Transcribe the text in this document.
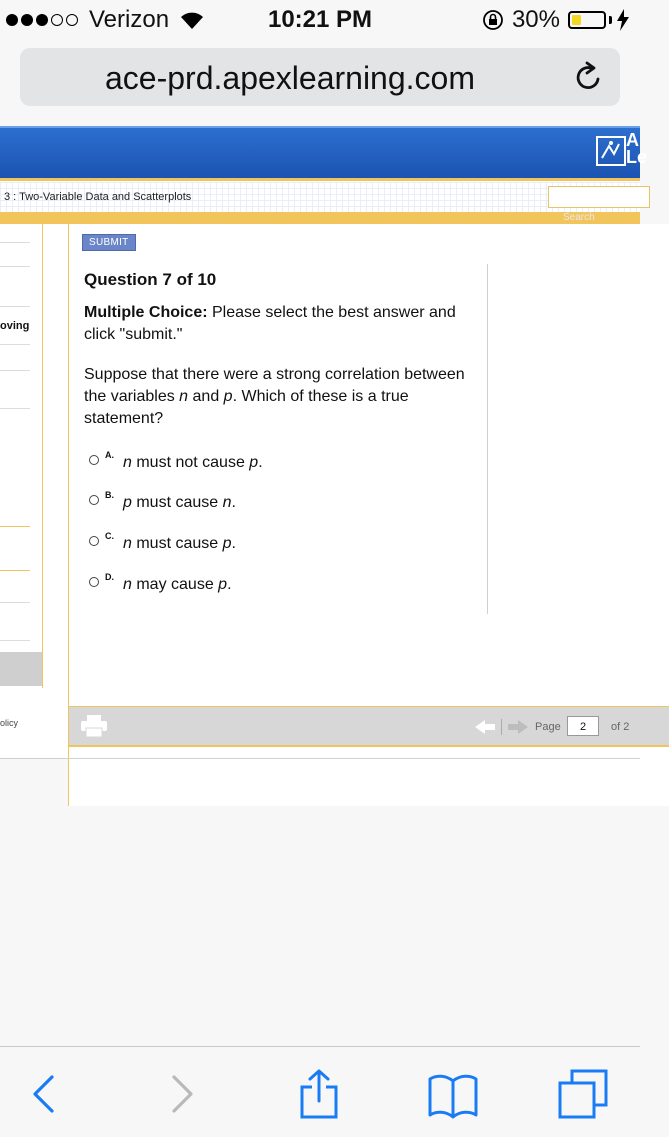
Verizon	10:21 PM	30%
ace-prd.apexlearning.com
A
Le
3 : Two-Variable Data and Scatterplots
Search
oving
olicy
SUBMIT
Question 7 of 10
Multiple Choice: Please select the best answer and click "submit."
Suppose that there were a strong correlation between the variables n and p. Which of these is a true statement?
A. n must not cause p.
B. p must cause n.
C. n must cause p.
D. n may cause p.
Page	2	of 2
